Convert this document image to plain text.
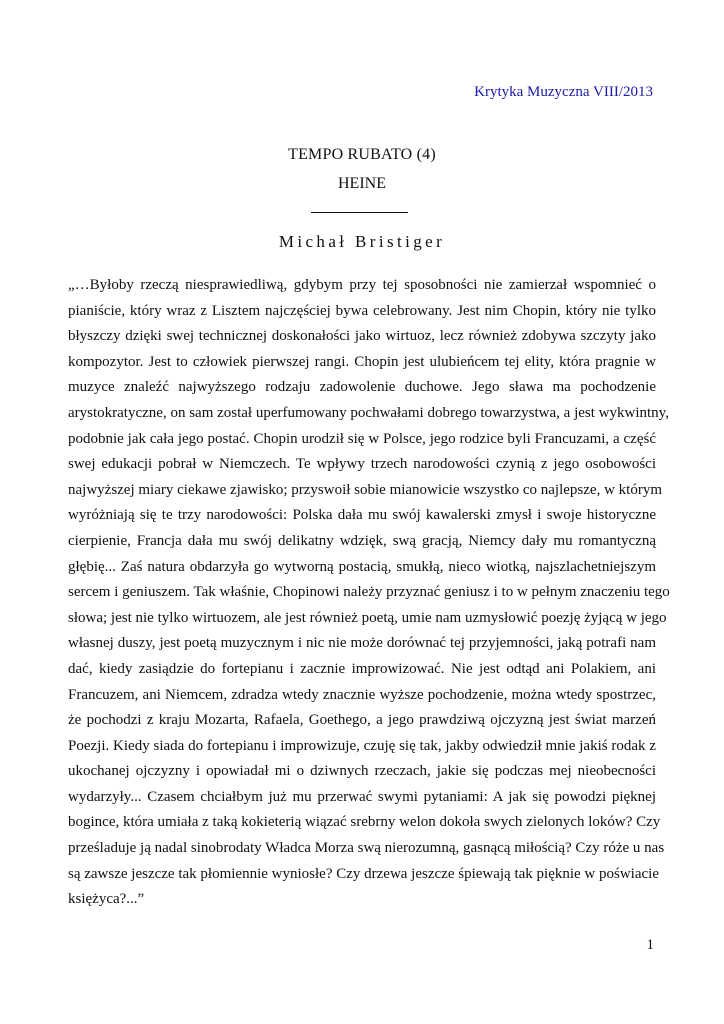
Krytyka Muzyczna VIII/2013
TEMPO RUBATO (4)
HEINE
Michał Bristiger
„…Byłoby rzeczą niesprawiedliwą, gdybym przy tej sposobności nie zamierzał wspomnieć o
pianiście, który wraz z Lisztem najczęściej bywa celebrowany. Jest nim Chopin, który nie tylko
błyszczy dzięki swej technicznej doskonałości jako wirtuoz, lecz również zdobywa szczyty jako
kompozytor. Jest to człowiek pierwszej rangi. Chopin jest ulubieńcem tej elity, która pragnie w
muzyce znaleźć najwyższego rodzaju zadowolenie duchowe. Jego sława ma pochodzenie
arystokratyczne, on sam został uperfumowany pochwałami dobrego towarzystwa, a jest wykwintny,
podobnie jak cała jego postać. Chopin urodził się w Polsce, jego rodzice byli Francuzami, a część
swej edukacji pobrał w Niemczech. Te wpływy trzech narodowości czynią z jego osobowości
najwyższej miary ciekawe zjawisko; przyswoił sobie mianowicie wszystko co najlepsze, w którym
wyróżniają się te trzy narodowości: Polska dała mu swój kawalerski zmysł i swoje historyczne
cierpienie, Francja dała mu swój delikatny wdzięk, swą gracją, Niemcy dały mu romantyczną
głębię... Zaś natura obdarzyła go wytworną postacią, smukłą, nieco wiotką, najszlachetniejszym
sercem i geniuszem. Tak właśnie, Chopinowi należy przyznać geniusz i to w pełnym znaczeniu tego
słowa; jest nie tylko wirtuozem, ale jest również poetą, umie nam uzmysłowić poezję żyjącą w jego
własnej duszy, jest poetą muzycznym i nic nie może dorównać tej przyjemności, jaką potrafi nam
dać, kiedy zasiądzie do fortepianu i zacznie improwizować. Nie jest odtąd ani Polakiem, ani
Francuzem, ani Niemcem, zdradza wtedy znacznie wyższe pochodzenie, można wtedy spostrzec,
że pochodzi z kraju Mozarta, Rafaela, Goethego, a jego prawdziwą ojczyzną jest świat marzeń
Poezji. Kiedy siada do fortepianu i improwizuje, czuję się tak, jakby odwiedził mnie jakiś rodak z
ukochanej ojczyzny i opowiadał mi o dziwnych rzeczach, jakie się podczas mej nieobecności
wydarzyły... Czasem chciałbym już mu przerwać swymi pytaniami: A jak się powodzi pięknej
bogince, która umiała z taką kokieterią wiązać srebrny welon dokoła swych zielonych loków? Czy
prześladuje ją nadal sinobrodaty Władca Morza swą nierozumną, gasnącą miłością? Czy róże u nas
są zawsze jeszcze tak płomiennie wyniosłe? Czy drzewa jeszcze śpiewają tak pięknie w poświacie
księżyca?...”
1
